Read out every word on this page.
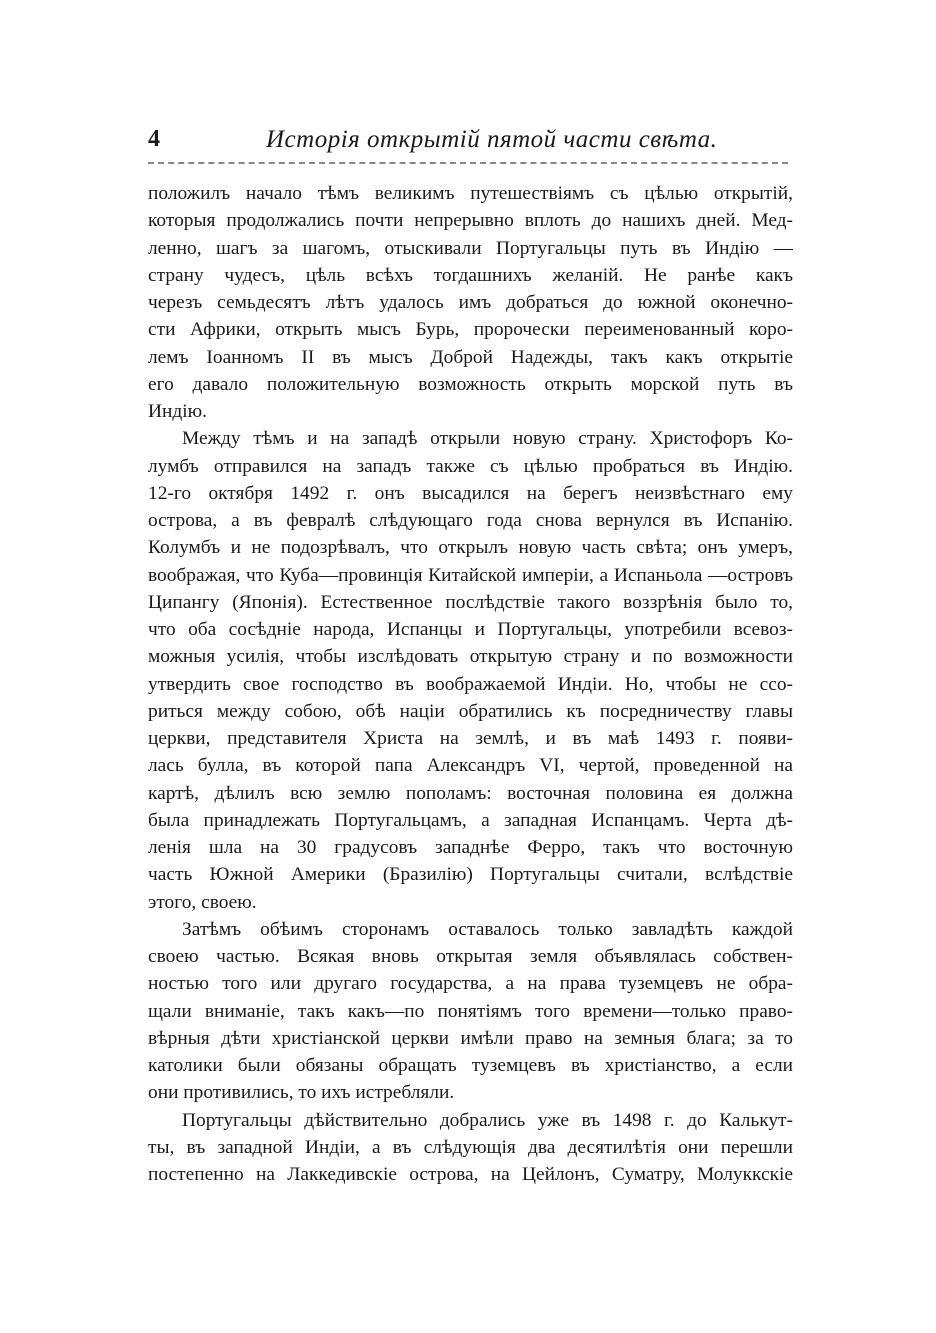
4	Исторія открытій пятой части свѣта.
положилъ начало тѣмъ великимъ путешествіямъ съ цѣлью открытій,
которыя продолжались почти непрерывно вплоть до нашихъ дней. Мед-
ленно, шагъ за шагомъ, отыскивали Португальцы путь въ Индію —
страну чудесъ, цѣль всѣхъ тогдашнихъ желаній. Не ранѣе какъ
черезъ семьдесятъ лѣтъ удалось имъ добраться до южной оконечно-
сти Африки, открыть мысъ Бурь, пророчески переименованный коро-
лемъ Іоанномъ II въ мысъ Доброй Надежды, такъ какъ открытіе
его давало положительную возможность открыть морской путь въ
Индію.
Между тѣмъ и на западѣ открыли новую страну. Христофоръ Ко-
лумбъ отправился на западъ также съ цѣлью пробраться въ Индію.
12-го октября 1492 г. онъ высадился на берегъ неизвѣстнаго ему
острова, а въ февралѣ слѣдующаго года снова вернулся въ Испанію.
Колумбъ и не подозрѣвалъ, что открылъ новую часть свѣта; онъ умеръ,
воображая, что Куба—провинція Китайской имперіи, а Испаньола —островъ
Ципангу (Японія). Естественное послѣдствіе такого воззрѣнія было то,
что оба сосѣдніе народа, Испанцы и Португальцы, употребили всевоз-
можныя усилія, чтобы изслѣдовать открытую страну и по возможности
утвердить свое господство въ воображаемой Индіи. Но, чтобы не ссо-
риться между собою, обѣ націи обратились къ посредничеству главы
церкви, представителя Христа на землѣ, и въ маѣ 1493 г. появи-
лась булла, въ которой папа Александръ VI, чертой, проведенной на
картѣ, дѣлилъ всю землю пополамъ: восточная половина ея должна
была принадлежать Португальцамъ, а западная Испанцамъ. Черта дѣ-
ленія шла на 30 градусовъ западнѣе Ферро, такъ что восточную
часть Южной Америки (Бразилію) Португальцы считали, вслѣдствіе
этого, своею.
Затѣмъ обѣимъ сторонамъ оставалось только завладѣть каждой
своею частью. Всякая вновь открытая земля объявлялась собствен-
ностью того или другаго государства, а на права туземцевъ не обра-
щали вниманіе, такъ какъ—по понятіямъ того времени—только право-
вѣрныя дѣти христіанской церкви имѣли право на земныя блага; за то
католики были обязаны обращать туземцевъ въ христіанство, а если
они противились, то ихъ истребляли.
Португальцы дѣйствительно добрались уже въ 1498 г. до Калькут-
ты, въ западной Индіи, а въ слѣдующія два десятилѣтія они перешли
постепенно на Лаккедивскіе острова, на Цейлонъ, Суматру, Молуккскіе
